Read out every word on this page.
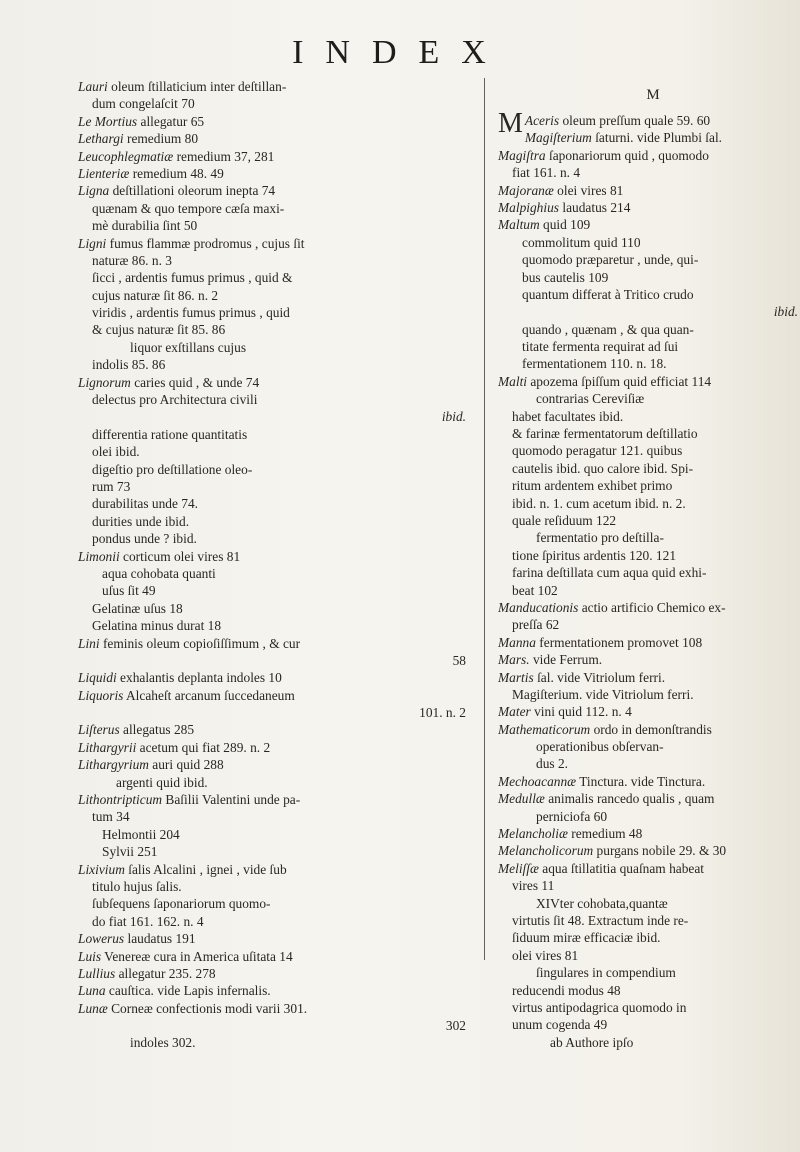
INDEX
Lauri oleum ſtillaticium inter deſtillan-
dum congelaſcit 70
Le Mortius allegatur 65
Lethargi remedium 80
Leucophlegmatiæ remedium 37, 281
Lienteriæ remedium 48. 49
Ligna deſtillationi oleorum inepta 74
quænam & quo tempore cæſa maxi-
mè durabilia ſint 50
Ligni fumus flammæ prodromus , cujus ſit
naturæ 86. n. 3
ſicci , ardentis fumus primus , quid &
cujus naturæ ſit 86. n. 2
viridis , ardentis fumus primus , quid
& cujus naturæ ſit 85. 86
liquor exſtillans cujus
indolis 85. 86
Lignorum caries quid , & unde 74
delectus pro Architectura civili
ibid.
differentia ratione quantitatis
olei ibid.
digeſtio pro deſtillatione oleo-
rum 73
durabilitas unde 74.
durities unde ibid.
pondus unde ? ibid.
Limonii corticum olei vires 81
aqua cohobata quanti
uſus ſit 49
Gelatinæ uſus 18
Gelatina minus durat 18
Lini feminis oleum copioſiſſimum , & cur
58
Liquidi exhalantis deplanta indoles 10
Liquoris Alcaheſt arcanum ſuccedaneum
101. n. 2
Liſterus allegatus 285
Lithargyrii acetum qui fiat 289. n. 2
Lithargyrium auri quid 288
argenti quid ibid.
Lithontripticum Baſilii Valentini unde pa-
tum 34
Helmontii 204
Sylvii 251
Lixivium ſalis Alcalini , ignei , vide ſub
titulo hujus ſalis.
ſubſequens ſaponariorum quomo-
do fiat 161. 162. n. 4
Lowerus laudatus 191
Luis Venereæ cura in America uſitata 14
Lullius allegatur 235. 278
Luna cauſtica. vide Lapis infernalis.
Lunæ Corneæ confectionis modi varii 301.
302
indoles 302.
M
M Aceris oleum preſſum quale 59. 60
Magiſterium ſaturni. vide Plumbi ſal.
Magiſtra ſaponariorum quid , quomodo
fiat 161. n. 4
Majoranæ olei vires 81
Malpighius laudatus 214
Maltum quid 109
commolitum quid 110
quomodo præparetur , unde, qui-
bus cautelis 109
quantum differat à Tritico crudo
ibid.
quando , quænam , & qua quan-
titate fermenta requirat ad ſui
fermentationem 110. n. 18.
Malti apozema ſpiſſum quid efficiat 114
contrarias Cereviſiæ
habet facultates ibid.
& farinæ fermentatorum deſtillatio
quomodo peragatur 121. quibus
cautelis ibid. quo calore ibid. Spi-
ritum ardentem exhibet primo
ibid. n. 1. cum acetum ibid. n. 2.
quale reſiduum 122
fermentatio pro deſtilla-
tione ſpiritus ardentis 120. 121
farina deſtillata cum aqua quid exhi-
beat 102
Manducationis actio artificio Chemico ex-
preſſa 62
Manna fermentationem promovet 108
Mars. vide Ferrum.
Martis ſal. vide Vitriolum ferri.
Magiſterium. vide Vitriolum ferri.
Mater vini quid 112. n. 4
Mathematicorum ordo in demonſtrandis
operationibus obſervan-
dus 2.
Mechoacannæ Tinctura. vide Tinctura.
Medullæ animalis rancedo qualis , quam
perniciofa 60
Melancholiæ remedium 48
Melancholicorum purgans nobile 29. & 30
Meliſſæ aqua ſtillatitia quaſnam habeat
vires 11
XIVter cohobata,quantæ
virtutis ſit 48. Extractum inde re-
ſiduum miræ efficaciæ ibid.
olei vires 81
ſingulares in compendium
reducendi modus 48
virtus antipodagrica quomodo in
unum cogenda 49
ab Authore ipſo
